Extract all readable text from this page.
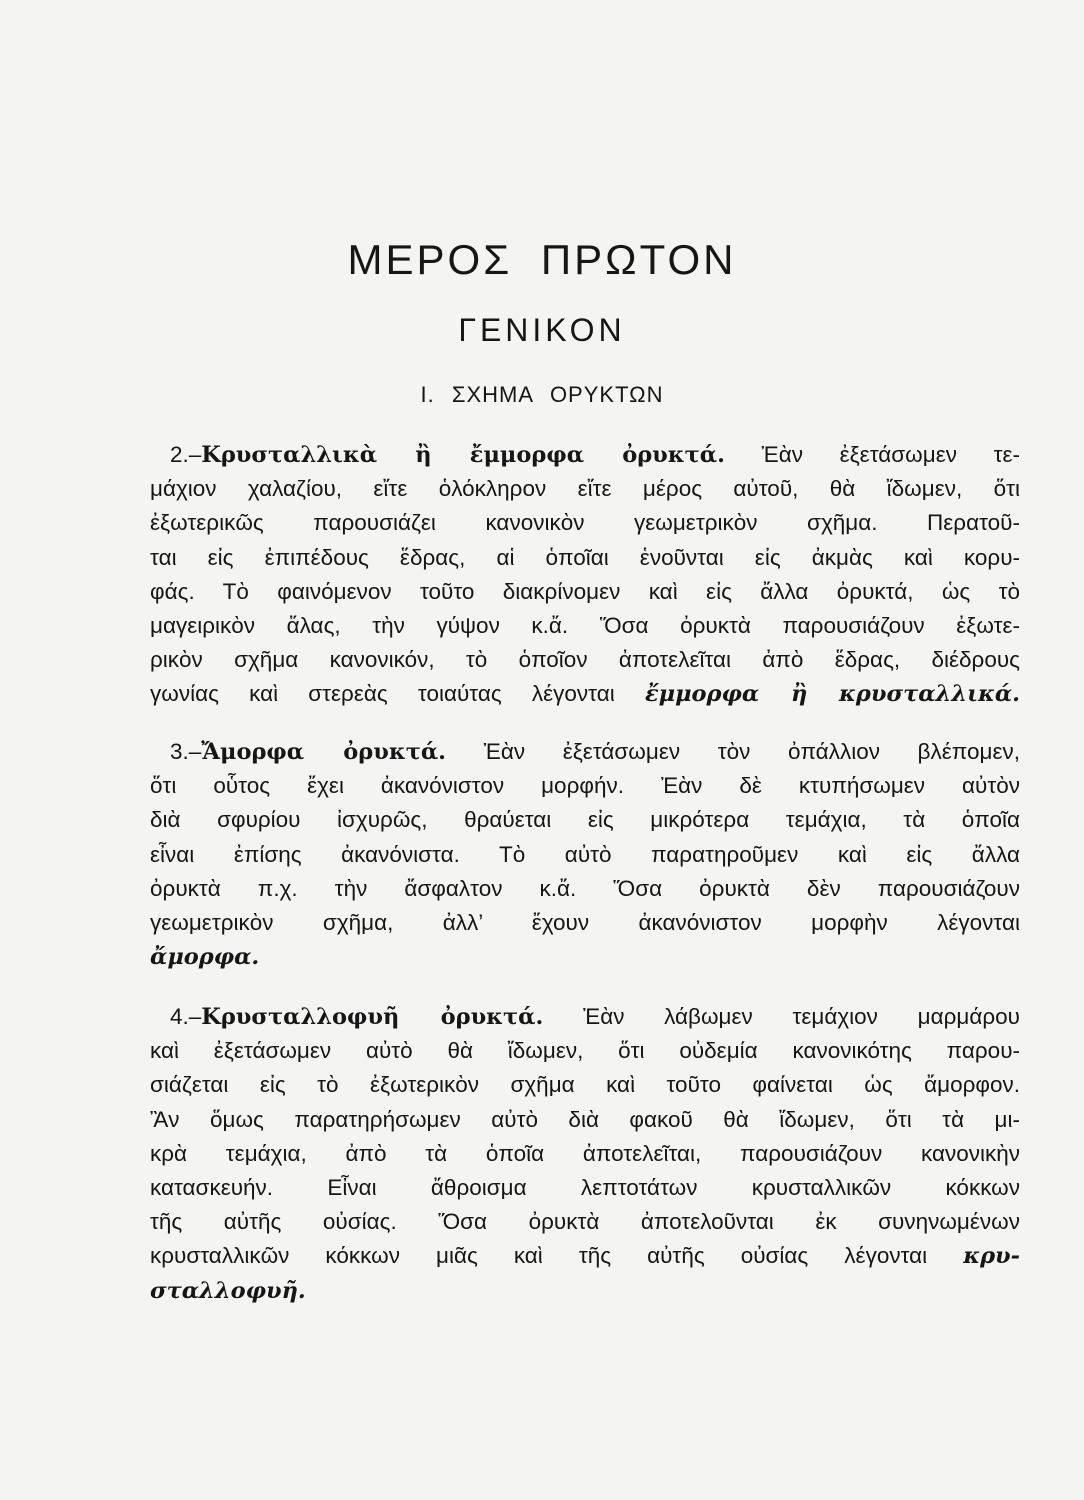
ΜΕΡΟΣ ΠΡΩΤΟΝ
ΓΕΝΙΚΟΝ
Ι. ΣΧΗΜΑ ΟΡΥΚΤΩΝ
2.–Κρυσταλλικὰ ἢ ἔμμορφα ὀρυκτά. Ἐὰν ἐξετάσωμεν τε-
μάχιον χαλαζίου, εἴτε ὁλόκληρον εἴτε μέρος αὐτοῦ, θὰ ἴδωμεν, ὅτι
ἐξωτερικῶς παρουσιάζει κανονικὸν γεωμετρικὸν σχῆμα. Περατοῦ-
ται εἰς ἐπιπέδους ἕδρας, αἱ ὁποῖαι ἑνοῦνται εἰς ἀκμὰς καὶ κορυ-
φάς. Τὸ φαινόμενον τοῦτο διακρίνομεν καὶ εἰς ἄλλα ὀρυκτά, ὡς τὸ
μαγειρικὸν ἅλας, τὴν γύψον κ.ἄ. Ὅσα ὀρυκτὰ παρουσιάζουν ἐξωτε-
ρικὸν σχῆμα κανονικόν, τὸ ὁποῖον ἀποτελεῖται ἀπὸ ἕδρας, διέδρους
γωνίας καὶ στερεὰς τοιαύτας λέγονται ἔμμορφα ἢ κρυσταλλικά.
3.–Ἄμορφα ὀρυκτά. Ἐὰν ἐξετάσωμεν τὸν ὀπάλλιον βλέπομεν,
ὅτι οὗτος ἔχει ἀκανόνιστον μορφήν. Ἐὰν δὲ κτυπήσωμεν αὐτὸν
διὰ σφυρίου ἰσχυρῶς, θραύεται εἰς μικρότερα τεμάχια, τὰ ὁποῖα
εἶναι ἐπίσης ἀκανόνιστα. Τὸ αὐτὸ παρατηροῦμεν καὶ εἰς ἄλλα
ὀρυκτὰ π.χ. τὴν ἄσφαλτον κ.ἄ. Ὅσα ὀρυκτὰ δὲν παρουσιάζουν
γεωμετρικὸν σχῆμα, ἀλλ’ ἔχουν ἀκανόνιστον μορφὴν λέγονται
ἄμορφα.
4.–Κρυσταλλοφυῆ ὀρυκτά. Ἐὰν λάβωμεν τεμάχιον μαρμάρου
καὶ ἐξετάσωμεν αὐτὸ θὰ ἴδωμεν, ὅτι οὐδεμία κανονικότης παρου-
σιάζεται εἰς τὸ ἐξωτερικὸν σχῆμα καὶ τοῦτο φαίνεται ὡς ἄμορφον.
Ἂν ὅμως παρατηρήσωμεν αὐτὸ διὰ φακοῦ θὰ ἴδωμεν, ὅτι τὰ μι-
κρὰ τεμάχια, ἀπὸ τὰ ὁποῖα ἀποτελεῖται, παρουσιάζουν κανονικὴν
κατασκευήν. Εἶναι ἄθροισμα λεπτοτάτων κρυσταλλικῶν κόκκων
τῆς αὐτῆς οὐσίας. Ὅσα ὀρυκτὰ ἀποτελοῦνται ἐκ συνηνωμένων
κρυσταλλικῶν κόκκων μιᾶς καὶ τῆς αὐτῆς οὐσίας λέγονται κρυ-
σταλλοφυῆ.
